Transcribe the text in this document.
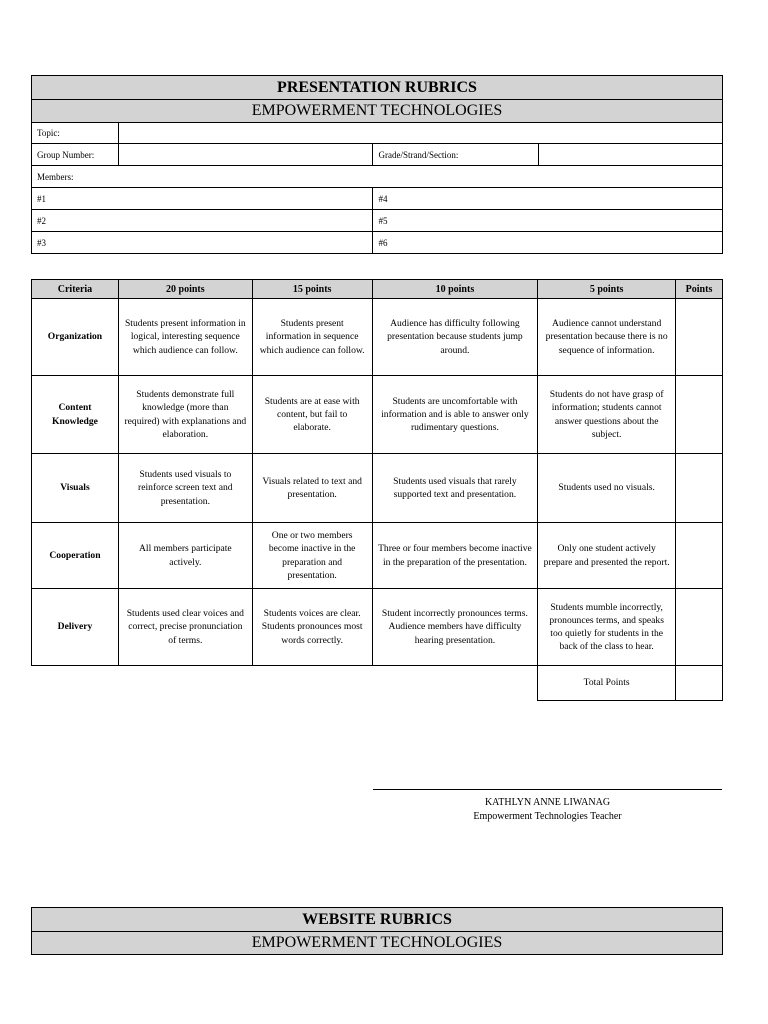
PRESENTATION RUBRICS			
EMPOWERMENT TECHNOLOGIES			
Topic:			
Group Number:		Grade/Strand/Section:	
Members:			
#1		#4	
#2		#5	
#3		#6	
Criteria	20 points	15 points	10 points	5 points	Points
Organization	Students present information in logical, interesting sequence which audience can follow.	Students present information in sequence which audience can follow.	Audience has difficulty following presentation because students jump around.	Audience cannot understand presentation because there is no sequence of information.	
Content Knowledge	Students demonstrate full knowledge (more than required) with explanations and elaboration.	Students are at ease with content, but fail to elaborate.	Students are uncomfortable with information and is able to answer only rudimentary questions.	Students do not have grasp of information; students cannot answer questions about the subject.	
Visuals	Students used visuals to reinforce screen text and presentation.	Visuals related to text and presentation.	Students used visuals that rarely supported text and presentation.	Students used no visuals.	
Cooperation	All members participate actively.	One or two members become inactive in the preparation and presentation.	Three or four members become inactive in the preparation of the presentation.	Only one student actively prepare and presented the report.	
Delivery	Students used clear voices and correct, precise pronunciation of terms.	Students voices are clear. Students pronounces most words correctly.	Student incorrectly pronounces terms. Audience members have difficulty hearing presentation.	Students mumble incorrectly, pronounces terms, and speaks too quietly for students in the back of the class to hear.	
				Total Points	
KATHLYN ANNE LIWANAG
Empowerment Technologies Teacher
WEBSITE RUBRICS
EMPOWERMENT TECHNOLOGIES
